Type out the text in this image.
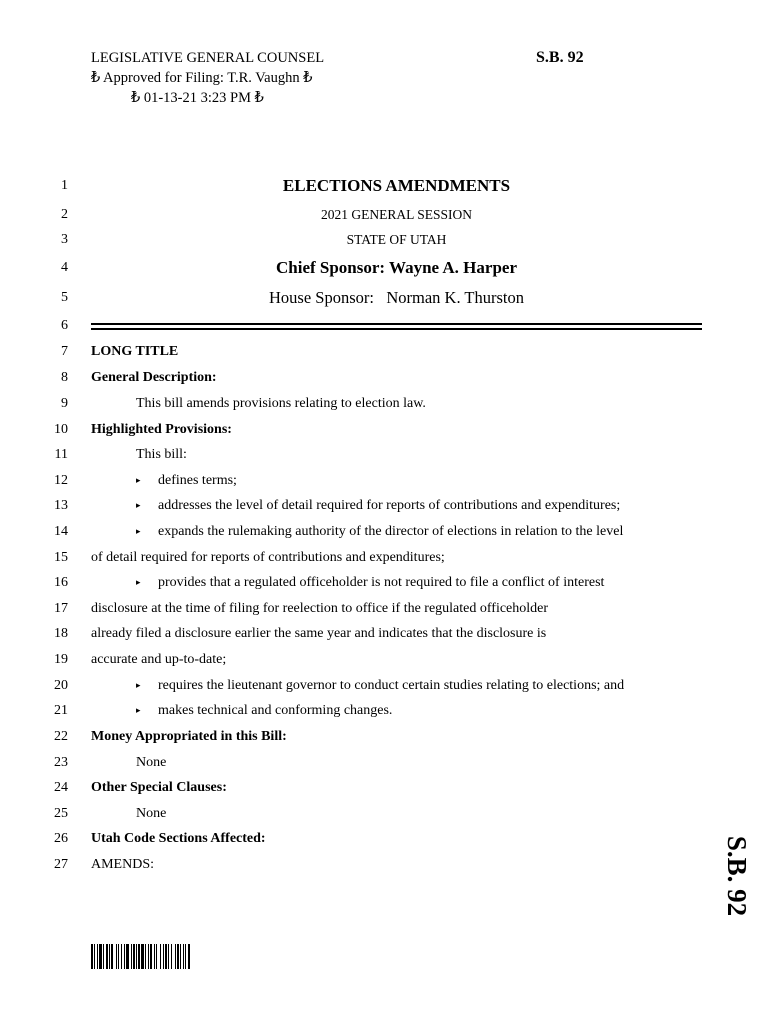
LEGISLATIVE GENERAL COUNSEL
₺ Approved for Filing: T.R. Vaughn ₺
₺ 01-13-21 3:23 PM ₺
S.B. 92
S.B. 92
1
2
3
4
5
6
7
8
9
10
11
12
13
14
15
16
17
18
19
20
21
22
23
24
25
26
27
ELECTIONS AMENDMENTS
2021 GENERAL SESSION
STATE OF UTAH
Chief Sponsor: Wayne A. Harper
House Sponsor:   Norman K. Thurston
LONG TITLE
General Description:
This bill amends provisions relating to election law.
Highlighted Provisions:
This bill:
▸ defines terms;
▸ addresses the level of detail required for reports of contributions and expenditures;
▸ expands the rulemaking authority of the director of elections in relation to the level
of detail required for reports of contributions and expenditures;
▸ provides that a regulated officeholder is not required to file a conflict of interest
disclosure at the time of filing for reelection to office if the regulated officeholder
already filed a disclosure earlier the same year and indicates that the disclosure is
accurate and up-to-date;
▸ requires the lieutenant governor to conduct certain studies relating to elections; and
▸ makes technical and conforming changes.
Money Appropriated in this Bill:
None
Other Special Clauses:
None
Utah Code Sections Affected:
AMENDS:
